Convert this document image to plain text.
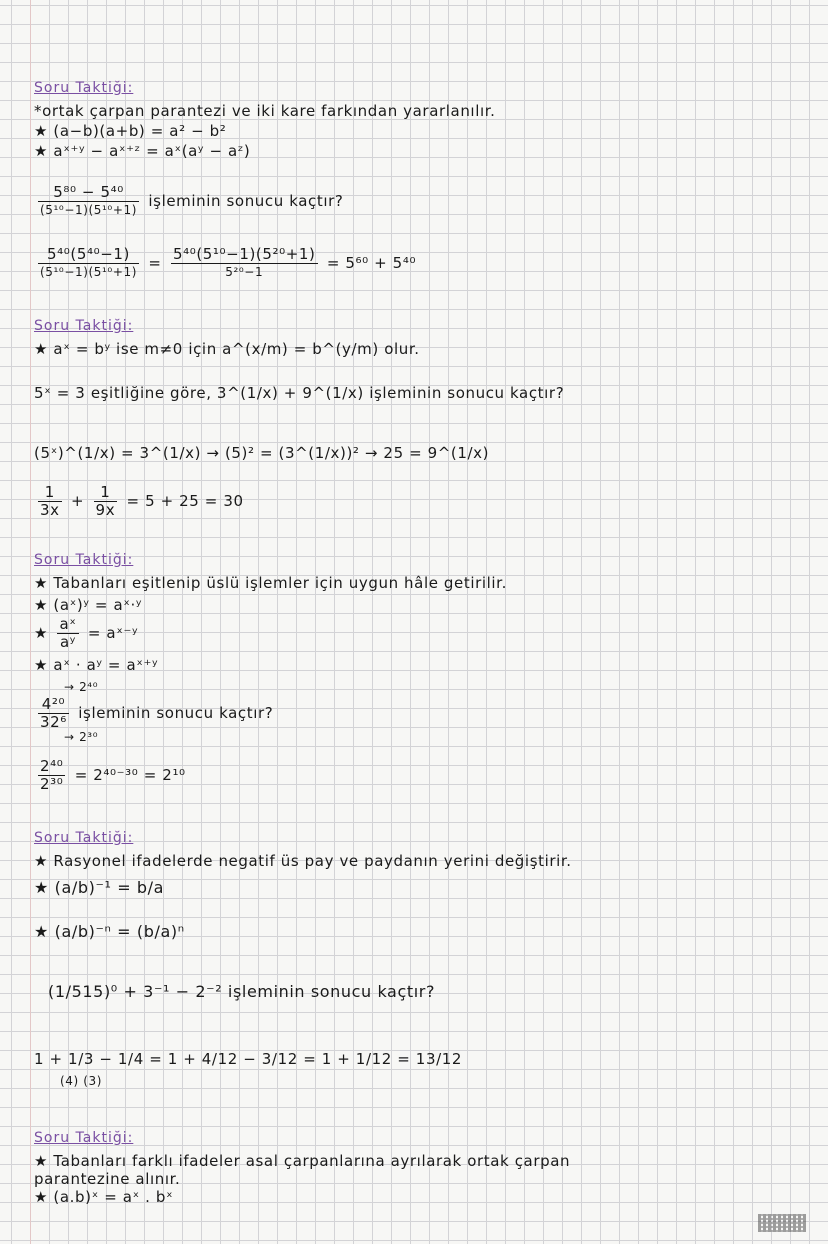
Soru Taktiği:
*ortak çarpan parantezi ve iki kare farkından yararlanılır.
★ (a−b)(a+b) = a² − b²
★ aˣ⁺ʸ − aˣ⁺ᶻ = aˣ(aʸ − aᶻ)
$\frac{\text{5⁸⁰ − 5⁴⁰}}{\text{(5¹⁰−1)(5¹⁰+1)}}$ işleminin sonucu kaçtır?
$\frac{\text{5⁴⁰(5⁴⁰−1)}}{\text{(5¹⁰−1)(5¹⁰+1)}} = \frac{\text{5⁴⁰(5¹⁰−1)(5²⁰+1)}}{\text{5²⁰−1}} = 5^{60} + 5^{40}$
Soru Taktiği:
★ aˣ = bʸ ise m≠0 için a^(x/m) = b^(y/m) olur.
5ˣ = 3 eşitliğine göre, 3^(1/x) + 9^(1/x) işleminin sonucu kaçtır?
(5ˣ)^(1/x) = 3^(1/x) → (5)² = (3^(1/x))² → 25 = 9^(1/x)
$\frac{1}{3x} + \frac{1}{9x} = 5 + 25 = 30$
Soru Taktiği:
★ Tabanları eşitlenip üslü işlemler için uygun hâle getirilir.
★ (aˣ)ʸ = aˣ·ʸ
★ $\frac{\text{aˣ}}{\text{aʸ}}$ = aˣ⁻ʸ
★ aˣ · aʸ = aˣ⁺ʸ
→ 2⁴⁰
$\frac{\text{4²⁰}}{\text{32⁶}}$ işleminin sonucu kaçtır?
→ 2³⁰
$\frac{\text{2⁴⁰}}{\text{2³⁰}} = 2^{40-30} = 2^{10}$
Soru Taktiği:
★ Rasyonel ifadelerde negatif üs pay ve paydanın yerini değiştirir.
★ (a/b)⁻¹ = b/a
★ (a/b)⁻ⁿ = (b/a)ⁿ
(1/515)⁰ + 3⁻¹ − 2⁻² işleminin sonucu kaçtır?
1 + 1/3 − 1/4 = 1 + 4/12 − 3/12 = 1 + 1/12 = 13/12
(4) (3)
Soru Taktiği:
★ Tabanları farklı ifadeler asal çarpanlarına ayrılarak ortak çarpan
parantezine alınır.
★ (a.b)ˣ = aˣ . bˣ
